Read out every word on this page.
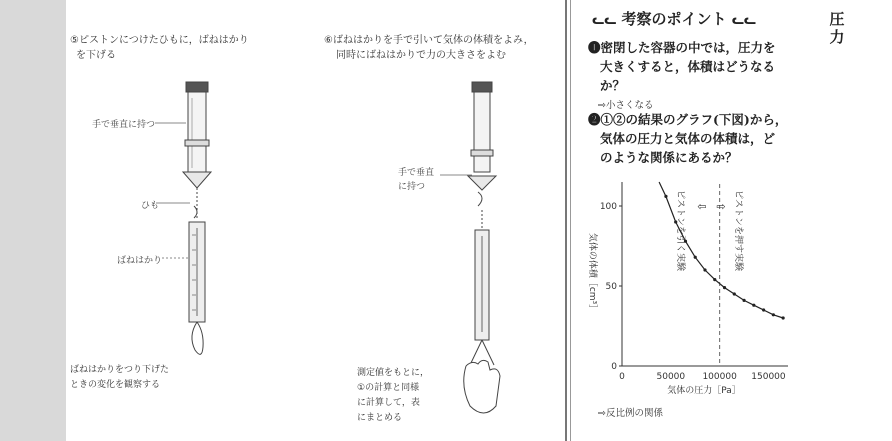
⑤ピストンにつけたひもに，ばねはかり
を下げる
⑥ばねはかりを手で引いて気体の体積をよみ，
同時にばねはかりで力の大きさをよむ
手で垂直に持つ
ひも
ばねはかり
手で垂直
に持つ
ばねはかりをつり下げた
ときの変化を観察する
測定値をもとに，
①の計算と同様
に計算して，表
にまとめる
ᓚᓚ 考察のポイント ᓚᓚ	圧
力
❶密閉した容器の中では，圧力を
大きくすると，体積はどうなる
か？
⇨小さくなる
❷①②の結果のグラフ(下図)から，
気体の圧力と気体の体積は，ど
のような関係にあるか？
0	50000 100000 150000
0
50
100
気体の圧力［Pa］
気体の体積［cm³］
ピストンを引く実験	ピストンを押す実験
⇦ ⇨
⇨反比例の関係
